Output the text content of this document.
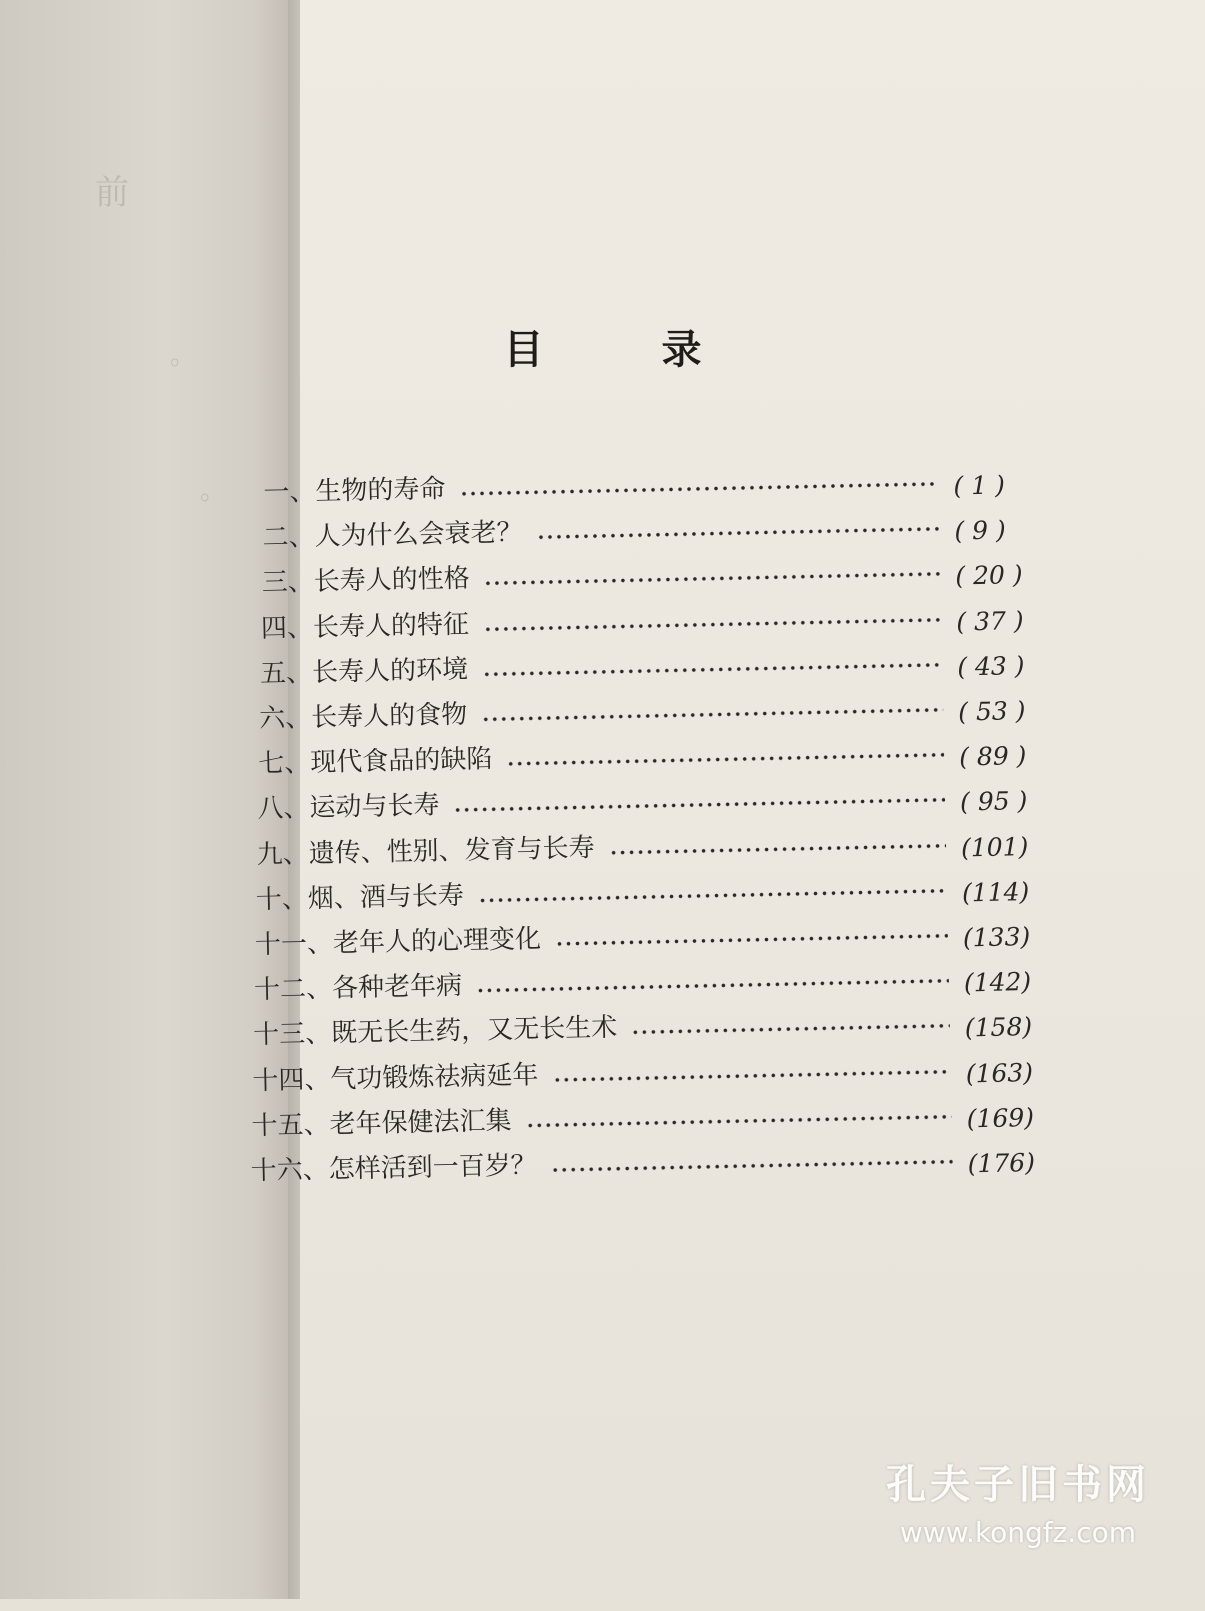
前
。
。
目 录
一、生物的寿命	( 1 )
二、人为什么会衰老？	( 9 )
三、长寿人的性格	( 20 )
四、长寿人的特征	( 37 )
五、长寿人的环境	( 43 )
六、长寿人的食物	( 53 )
七、现代食品的缺陷	( 89 )
八、运动与长寿	( 95 )
九、遗传、性别、发育与长寿	(101)
十、烟、酒与长寿	(114)
十一、老年人的心理变化	(133)
十二、各种老年病	(142)
十三、既无长生药，又无长生术	(158)
十四、气功锻炼祛病延年	(163)
十五、老年保健法汇集	(169)
十六、怎样活到一百岁？	(176)
孔夫子旧书网
www.kongfz.com
